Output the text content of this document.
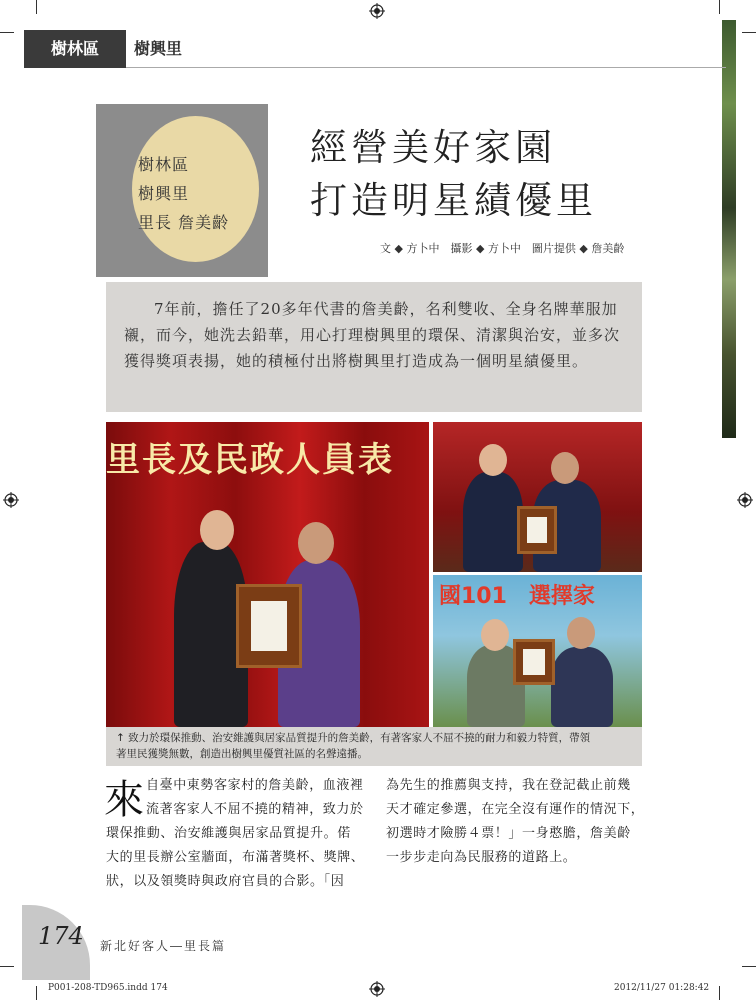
樹林區	樹興里
樹林區
樹興里
里長 詹美齡
經營美好家園
打造明星績優里
文 ◆ 方卜中　攝影 ◆ 方卜中　圖片提供 ◆ 詹美齡

7年前，擔任了20多年代書的詹美齡，名利雙收、全身名牌華服加襯，而今，她洗去鉛華，用心打理樹興里的環保、清潔與治安，並多次獲得獎項表揚，她的積極付出將樹興里打造成為一個明星績優里。

里長及民政人員表
國101　選擇家
↑ 致力於環保推動、治安維護與居家品質提升的詹美齡，有著客家人不屈不撓的耐力和毅力特質，帶領
著里民獲獎無數，創造出樹興里優質社區的名聲遠播。
來 自臺中東勢客家村的詹美齡，血液裡
流著客家人不屈不撓的精神，致力於
環保推動、治安維護與居家品質提升。偌
大的里長辦公室牆面，布滿著獎杯、獎牌、
狀，以及領獎時與政府官員的合影。「因
為先生的推薦與支持，我在登記截止前幾
天才確定參選，在完全沒有運作的情況下，
初選時才險勝４票！」一身憨膽，詹美齡
一步步走向為民服務的道路上。
174 新北好客人―里長篇
P001-208-TD965.indd 174	2012/11/27 01:28:42
